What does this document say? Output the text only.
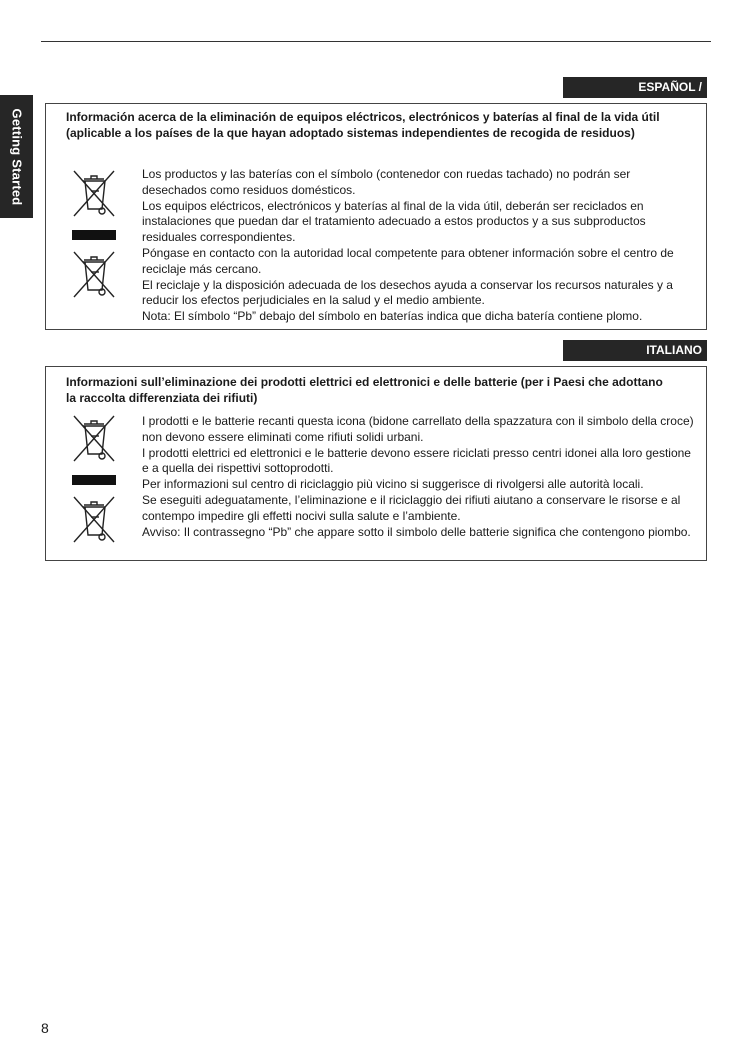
Getting Started
ESPAÑOL / CASTELLANO
Información acerca de la eliminación de equipos eléctricos, electrónicos y baterías al final de la vida útil (aplicable a los países de la que hayan adoptado sistemas independientes de recogida de residuos)

Los productos y las baterías con el símbolo (contenedor con ruedas tachado) no podrán ser desechados como residuos domésticos.

Los equipos eléctricos, electrónicos y baterías al final de la vida útil, deberán ser reciclados en instalaciones que puedan dar el tratamiento adecuado a estos productos y a sus subproductos residuales correspondientes.

Póngase en contacto con la autoridad local competente para obtener información sobre el centro de reciclaje más cercano.

El reciclaje y la disposición adecuada de los desechos ayuda a conservar los recursos naturales y a reducir los efectos perjudiciales en la salud y el medio ambiente.

Nota: El símbolo “Pb” debajo del símbolo en baterías indica que dicha batería contiene plomo.

ITALIANO
Informazioni sull’eliminazione dei prodotti elettrici ed elettronici e delle batterie (per i Paesi che adottano la raccolta differenziata dei rifiuti)

I prodotti e le batterie recanti questa icona (bidone carrellato della spazzatura con il simbolo della croce) non devono essere eliminati come rifiuti solidi urbani.

I prodotti elettrici ed elettronici e le batterie devono essere riciclati presso centri idonei alla loro gestione e a quella dei rispettivi sottoprodotti.

Per informazioni sul centro di riciclaggio più vicino si suggerisce di rivolgersi alle autorità locali.

Se eseguiti adeguatamente, l’eliminazione e il riciclaggio dei rifiuti aiutano a conservare le risorse e al contempo impedire gli effetti nocivi sulla salute e l’ambiente.

Avviso: Il contrassegno “Pb” che appare sotto il simbolo delle batterie significa che contengono piombo.

8
